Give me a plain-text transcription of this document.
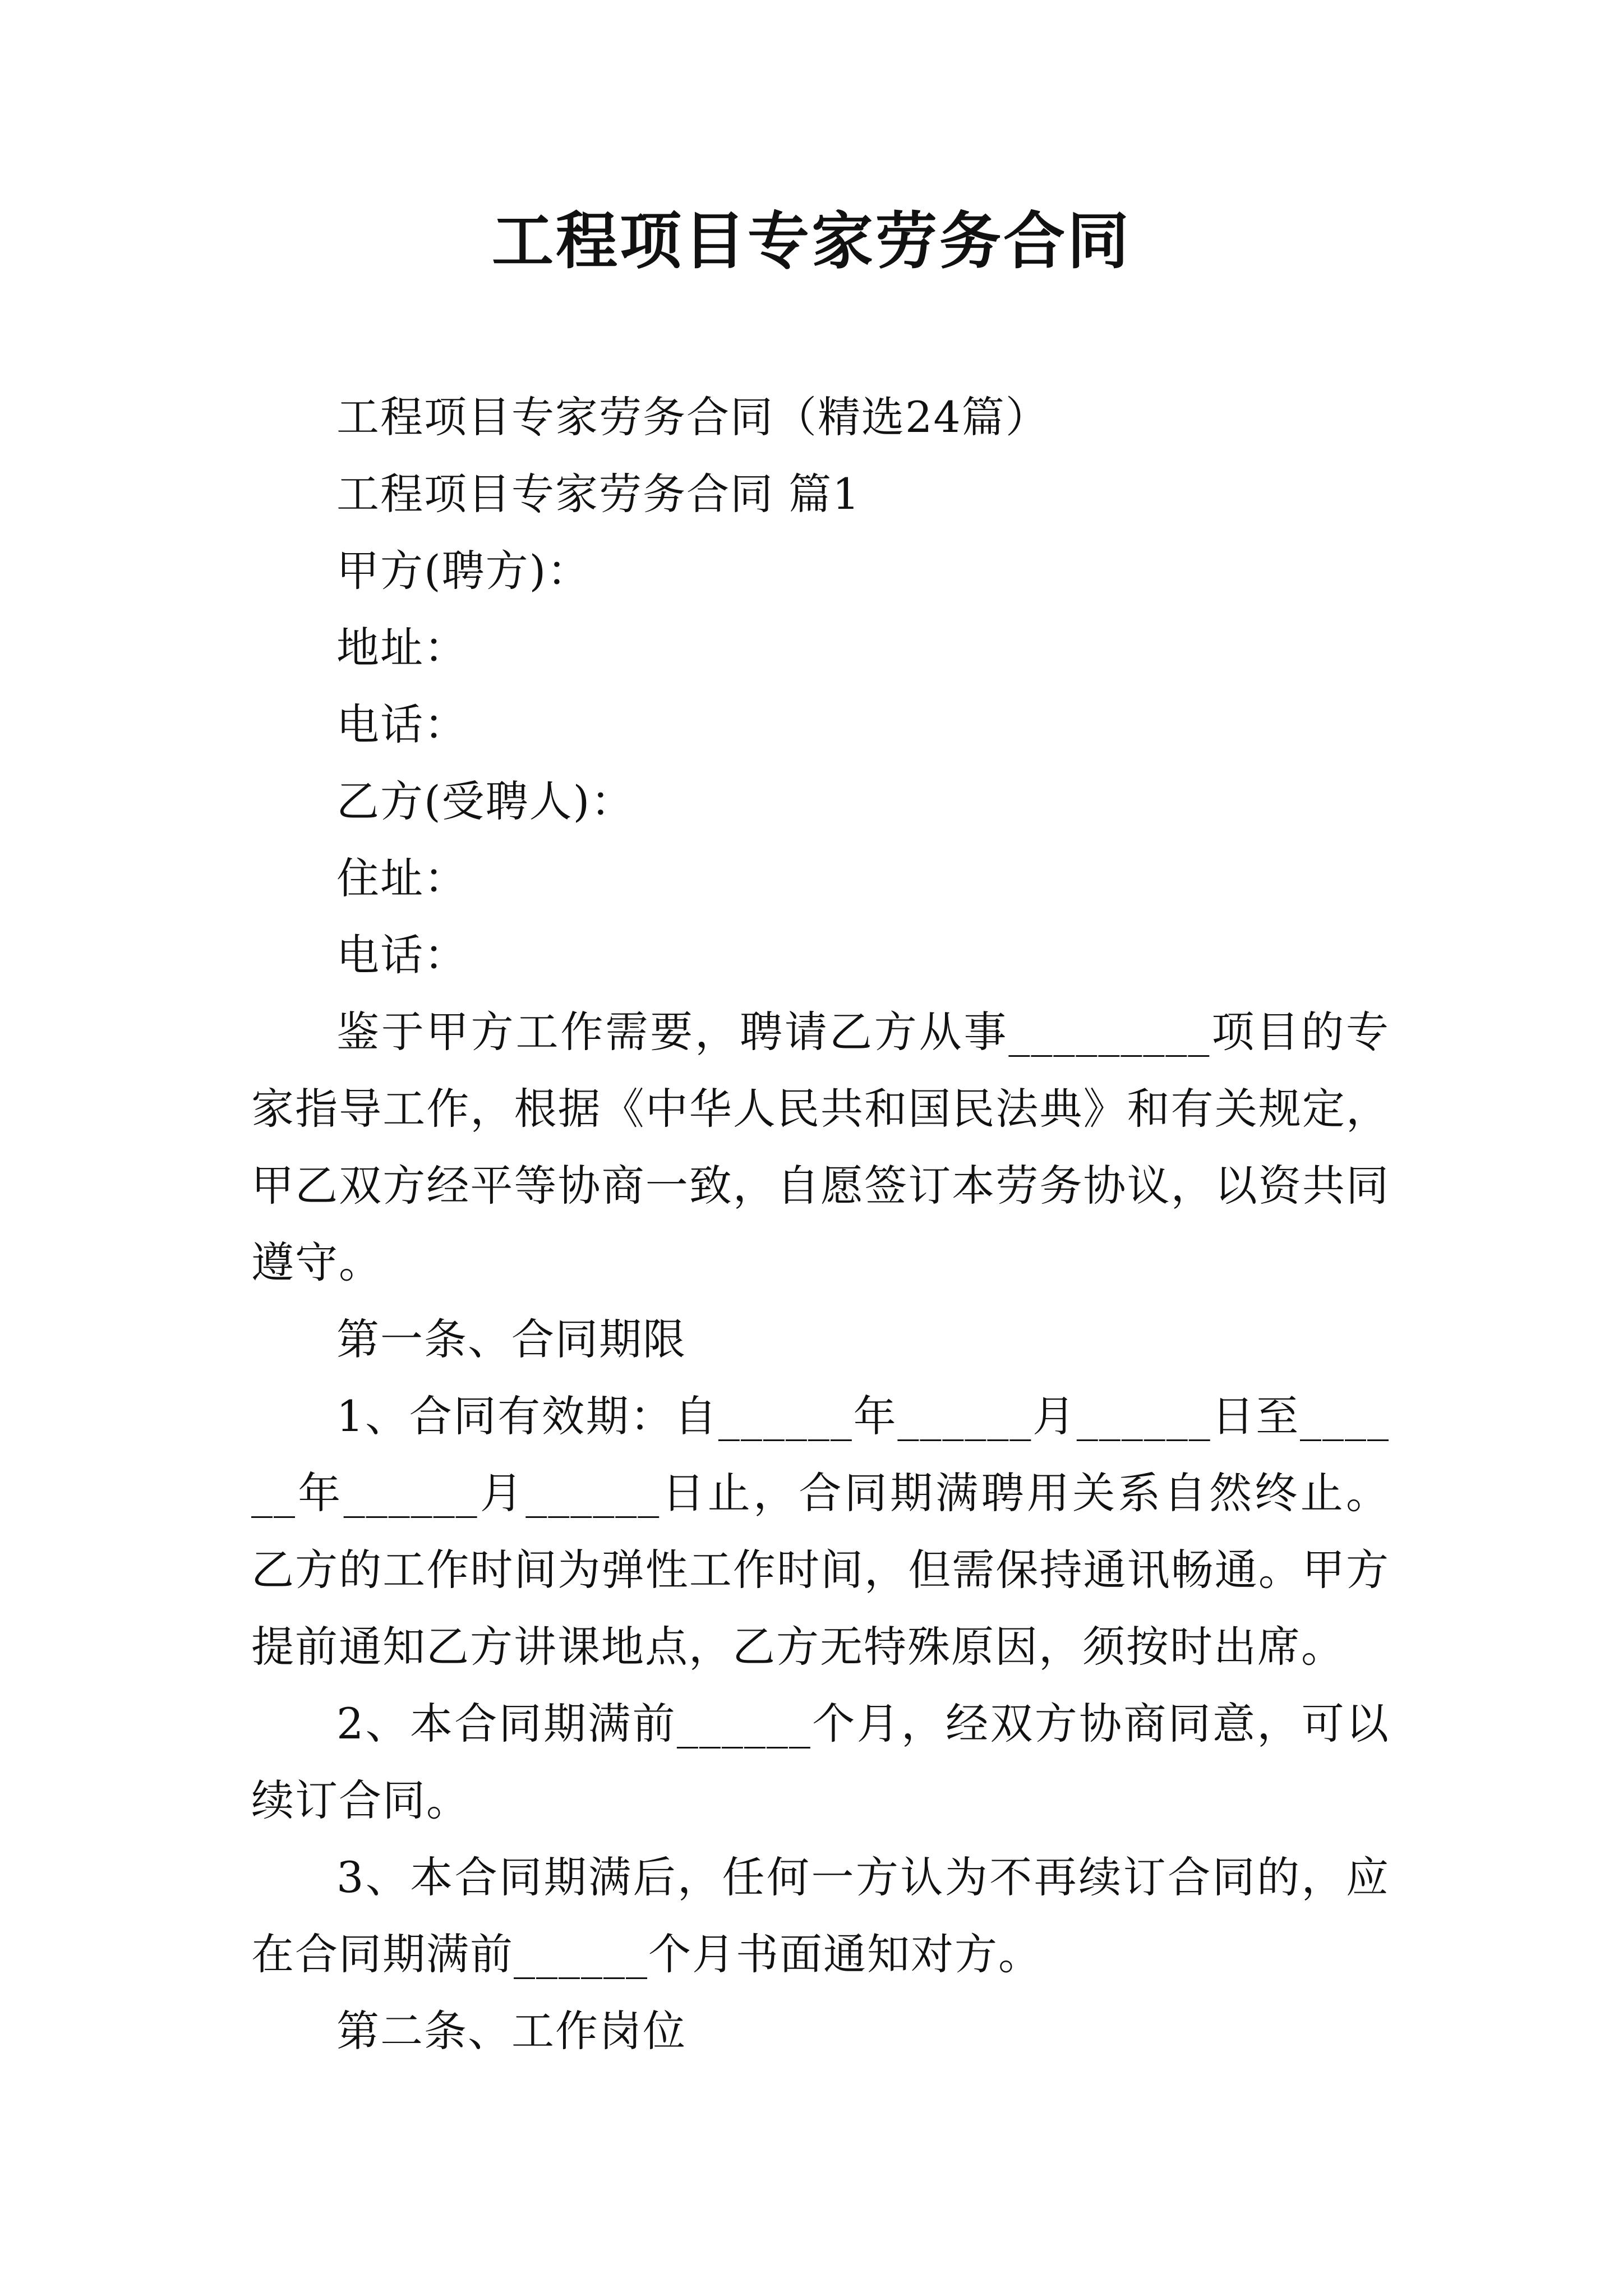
工程项目专家劳务合同

工程项目专家劳务合同（精选24篇）

工程项目专家劳务合同 篇1

甲方(聘方)：

地址：

电话：

乙方(受聘人)：

住址：

电话：

鉴于甲方工作需要，聘请乙方从事_________项目的专家指导工作，根据《中华人民共和国民法典》和有关规定，甲乙双方经平等协商一致，自愿签订本劳务协议，以资共同遵守。

第一条、合同期限

1、合同有效期：自______年______月______日至______年______月______日止，合同期满聘用关系自然终止。乙方的工作时间为弹性工作时间，但需保持通讯畅通。甲方提前通知乙方讲课地点，乙方无特殊原因，须按时出席。

2、本合同期满前______个月，经双方协商同意，可以续订合同。

3、本合同期满后，任何一方认为不再续订合同的，应在合同期满前______个月书面通知对方。

第二条、工作岗位
